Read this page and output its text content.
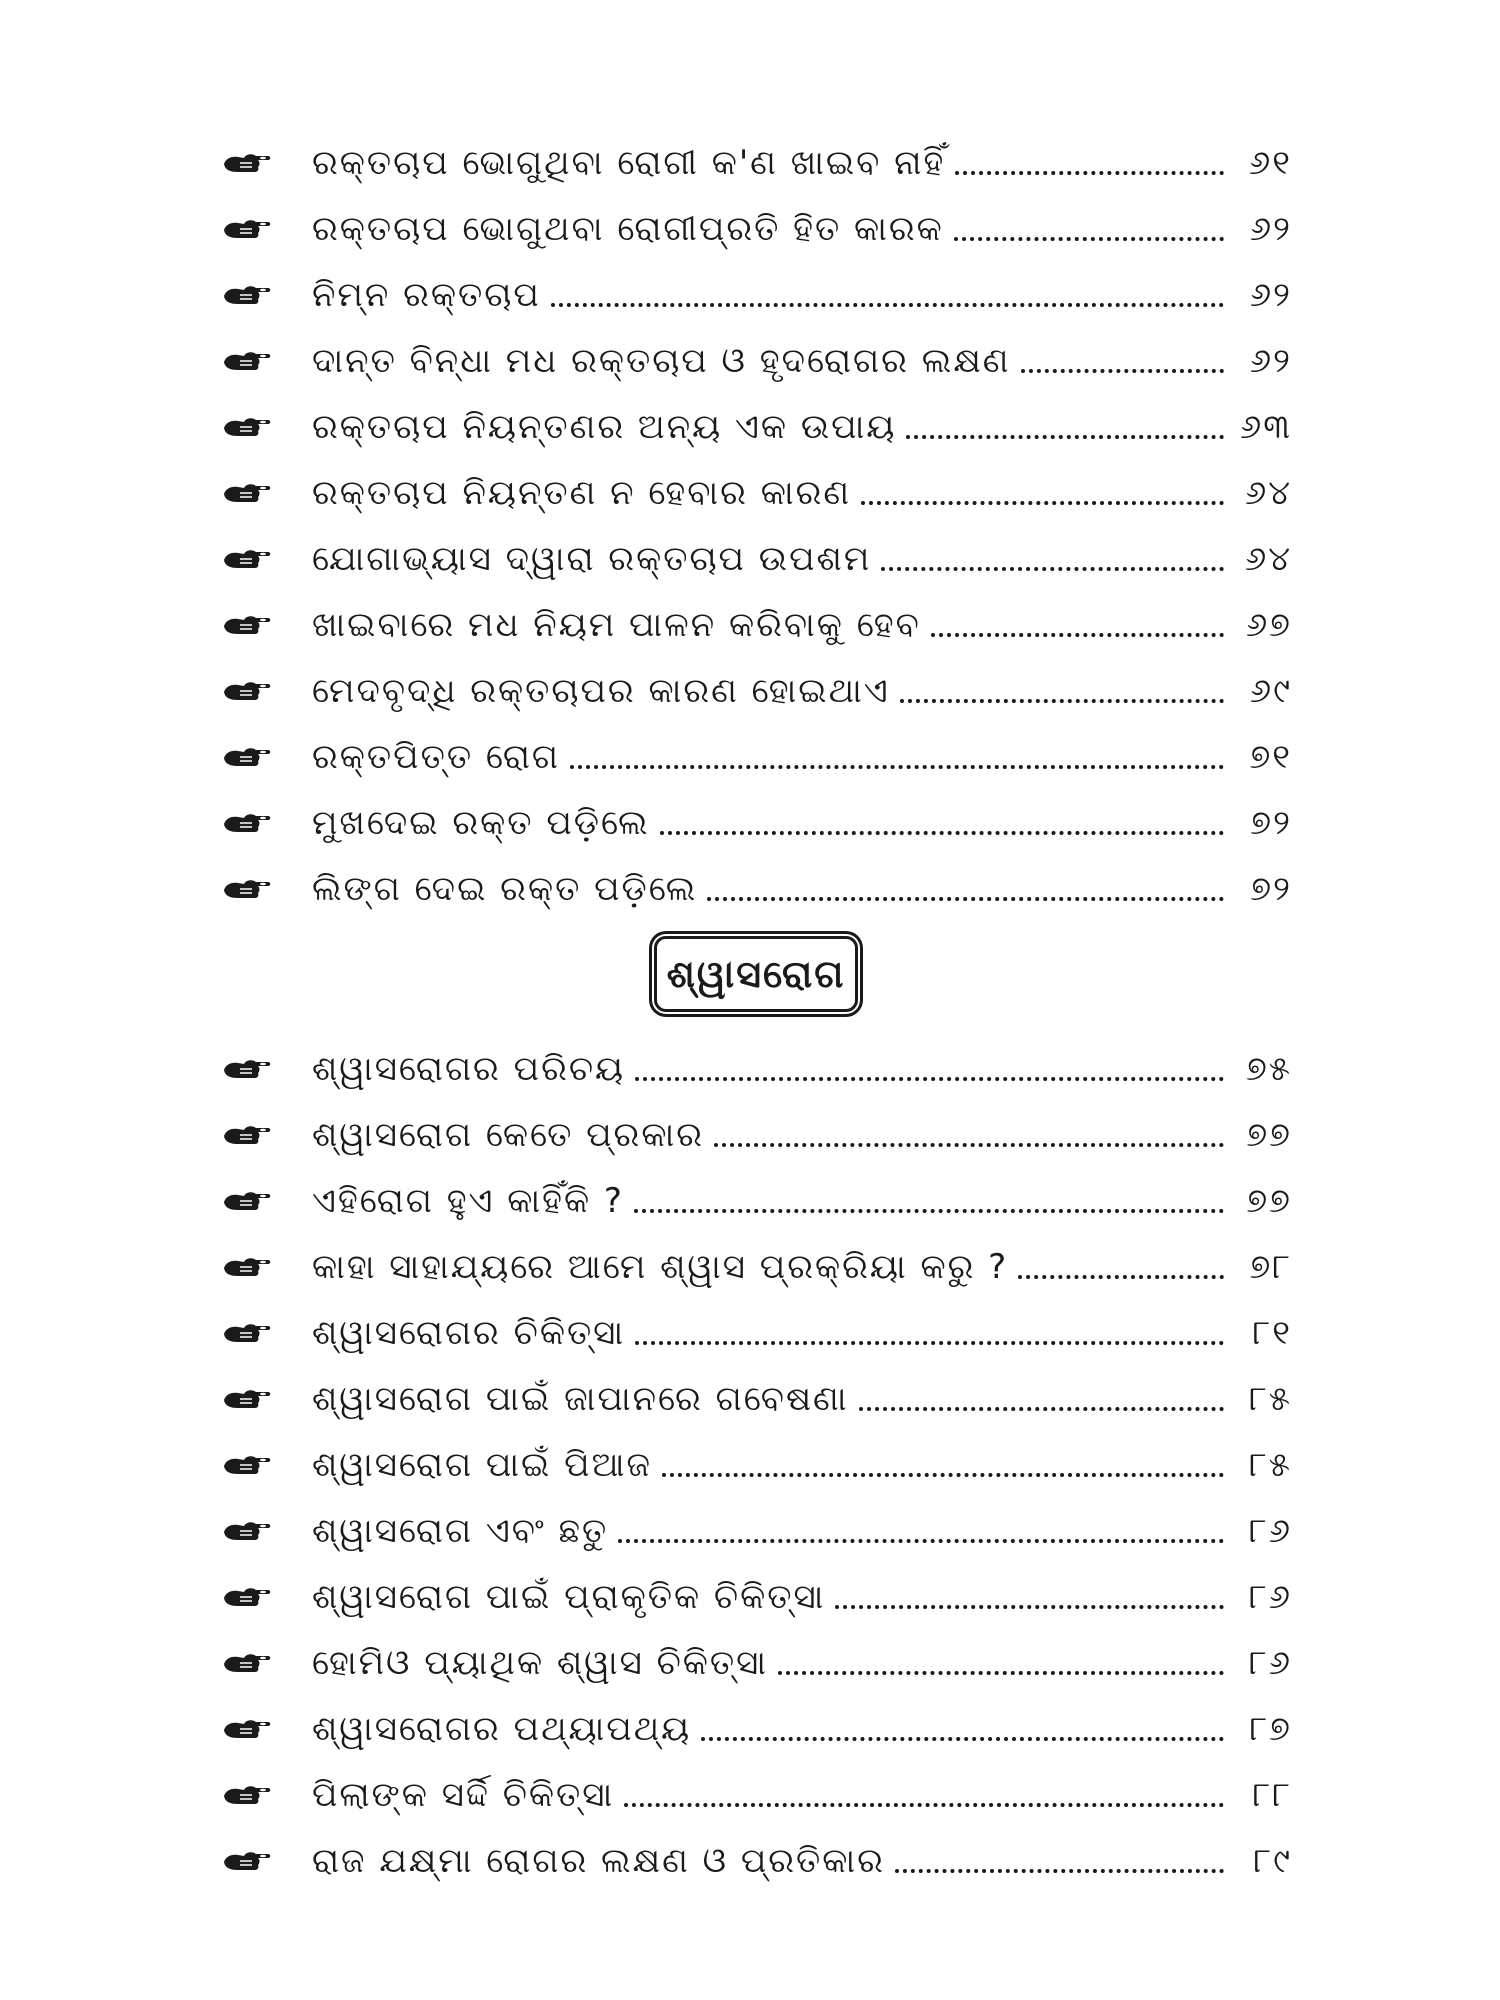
ରକ୍ତଚାପ ଭୋଗୁଥିବା ରୋଗୀ କ'ଣ ଖାଇବ ନାହିଁ	୬୧
ରକ୍ତଚାପ ଭୋଗୁଥବା ରୋଗୀପ୍ରତି ହିତ କାରକ	୬୨
ନିମ୍ନ ରକ୍ତଚାପ	୬୨
ଦାନ୍ତ ବିନ୍ଧା ମଧ ରକ୍ତଚାପ ଓ ହୃଦରୋଗର ଲକ୍ଷଣ	୬୨
ରକ୍ତଚାପ ନିୟନ୍ତଣର ଅନ୍ୟ ଏକ ଉପାୟ	୬୩
ରକ୍ତଚାପ ନିୟନ୍ତଣ ନ ହେବାର କାରଣ	୬୪
ଯୋଗାଭ୍ୟାସ ଦ୍ୱାରା ରକ୍ତଚାପ ଉପଶମ	୬୪
ଖାଇବାରେ ମଧ ନିୟମ ପାଳନ କରିବାକୁ ହେବ	୬୭
ମେଦବୃଦ୍ଧି ରକ୍ତଚାପର କାରଣ ହୋଇଥାଏ	୬୯
ରକ୍ତପିତ୍ତ ରୋଗ	୭୧
ମୁଖଦେଇ ରକ୍ତ ପଡ଼ିଲେ	୭୨
ଲିଙ୍ଗ ଦେଇ ରକ୍ତ ପଡ଼ିଲେ	୭୨
ଶ୍ୱାସରୋଗ
ଶ୍ୱାସରୋଗର ପରିଚୟ	୭୫
ଶ୍ୱାସରୋଗ କେତେ ପ୍ରକାର	୭୭
ଏହିରୋଗ ହୁଏ କାହିଁକି ?	୭୭
କାହା ସାହାଯ୍ୟରେ ଆମେ ଶ୍ୱାସ ପ୍ରକ୍ରିୟା କରୁ ?	୭୮
ଶ୍ୱାସରୋଗର ଚିକିତ୍ସା	୮୧
ଶ୍ୱାସରୋଗ ପାଇଁ ଜାପାନରେ ଗବେଷଣା	୮୫
ଶ୍ୱାସରୋଗ ପାଇଁ ପିଆଜ	୮୫
ଶ୍ୱାସରୋଗ ଏବଂ ଛତୁ	୮୬
ଶ୍ୱାସରୋଗ ପାଇଁ ପ୍ରାକୃତିକ ଚିକିତ୍ସା	୮୬
ହୋମିଓ ପ୍ୟାଥିକ ଶ୍ୱାସ ଚିକିତ୍ସା	୮୬
ଶ୍ୱାସରୋଗର ପଥ୍ୟାପଥ୍ୟ	୮୭
ପିଲାଙ୍କ ସର୍ଦ୍ଦି ଚିକିତ୍ସା	୮୮
ରାଜ ଯକ୍ଷ୍ମା ରୋଗର ଲକ୍ଷଣ ଓ ପ୍ରତିକାର	୮୯
